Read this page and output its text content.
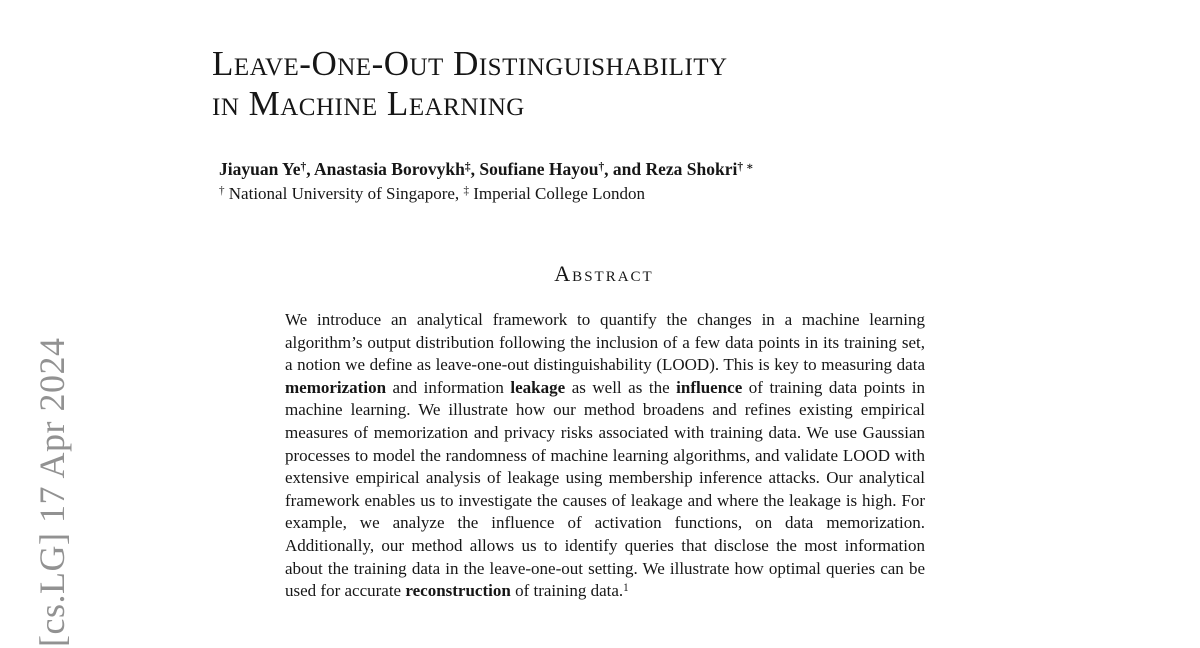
[cs.LG] 17 Apr 2024
Leave-One-Out Distinguishability
in Machine Learning
Jiayuan Ye†, Anastasia Borovykh‡, Soufiane Hayou†, and Reza Shokri† ∗
† National University of Singapore, ‡ Imperial College London
Abstract

We introduce an analytical framework to quantify the changes in a machine learning algorithm’s output distribution following the inclusion of a few data points in its training set, a notion we define as leave-one-out distinguishability (LOOD). This is key to measuring data memorization and information leakage as well as the influence of training data points in machine learning. We illustrate how our method broadens and refines existing empirical measures of memorization and privacy risks associated with training data. We use Gaussian processes to model the randomness of machine learning algorithms, and validate LOOD with extensive empirical analysis of leakage using membership inference attacks. Our analytical framework enables us to investigate the causes of leakage and where the leakage is high. For example, we analyze the influence of activation functions, on data memorization. Additionally, our method allows us to identify queries that disclose the most information about the training data in the leave-one-out setting. We illustrate how optimal queries can be used for accurate reconstruction of training data.$^1$
